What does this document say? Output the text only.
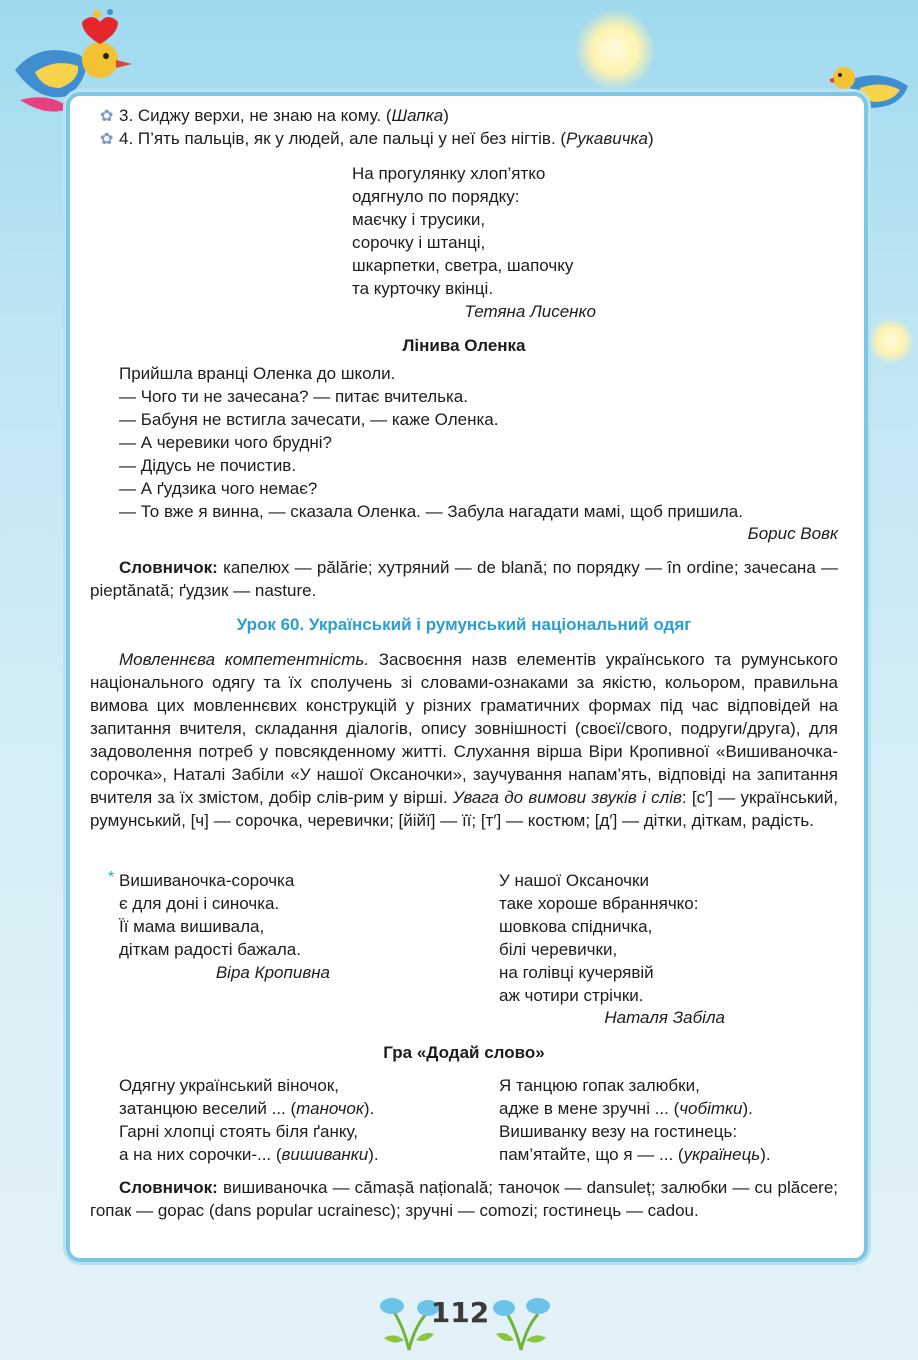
✿
✿
3. Сиджу верхи, не знаю на кому. (Шапка)
4. П’ять пальців, як у людей, але пальці у неї без нігтів. (Рукавичка)
На прогулянку хлоп’ятко
одягнуло по порядку:
маєчку і трусики,
сорочку і штанці,
шкарпетки, светра, шапочку
та курточку вкінці.
Тетяна Лисенко
Лінива Оленка
Прийшла вранці Оленка до школи.
— Чого ти не зачесана? — питає вчителька.
— Бабуня не встигла зачесати, — каже Оленка.
— А черевики чого брудні?
— Дідусь не почистив.
— А ґудзика чого немає?
— То вже я винна, — сказала Оленка. — Забула нагадати мамі, щоб пришила.
Борис Вовк
Словничок: капелюх — pălărie; хутряний — de blană; по порядку — în ordine; зачесана — pieptănată; ґудзик — nasture.
Урок 60. Український і румунський національний одяг
Мовленнєва компетентність. Засвоєння назв елементів українського та румунського національного одягу та їх сполучень зі словами-ознаками за якістю, кольором, правильна вимова цих мовленнєвих конструкцій у різних граматичних формах під час відповідей на запитання вчителя, складання діалогів, опису зовнішності (своєї/свого, подруги/друга), для задоволення потреб у повсякденному житті. Слухання вірша Віри Кропивної «Вишиваночка-сорочка», Наталі Забіли «У нашої Оксаночки», заучування напам’ять, відповіді на запитання вчителя за їх змістом, добір слів-рим у вірші. Увага до вимови звуків і слів: [с′] — український, румунський, [ч] — сорочка, черевички; [йійї] — її; [т′] — костюм; [д′] — дітки, діткам, радість.
* Вишиваночка-сорочка
є для доні і синочка.
Її мама вишивала,
діткам радості бажала.
Віра Кропивна
У нашої Оксаночки
таке хороше вбраннячко:
шовкова спідничка,
білі черевички,
на голівці кучерявій
аж чотири стрічки.
Наталя Забіла
Гра «Додай слово»
Одягну український віночок,
затанцюю веселий ... (таночок).
Гарні хлопці стоять біля ґанку,
а на них сорочки-... (вишиванки).
Я танцюю гопак залюбки,
адже в мене зручні ... (чобітки).
Вишиванку везу на гостинець:
пам’ятайте, що я — ... (українець).
Словничок: вишиваночка — cămașă națională; таночок — dansuleț; залюбки — cu plăcere; гопак — gopac (dans popular ucrainesc); зручні — comozi; гостинець — cadou.
112
